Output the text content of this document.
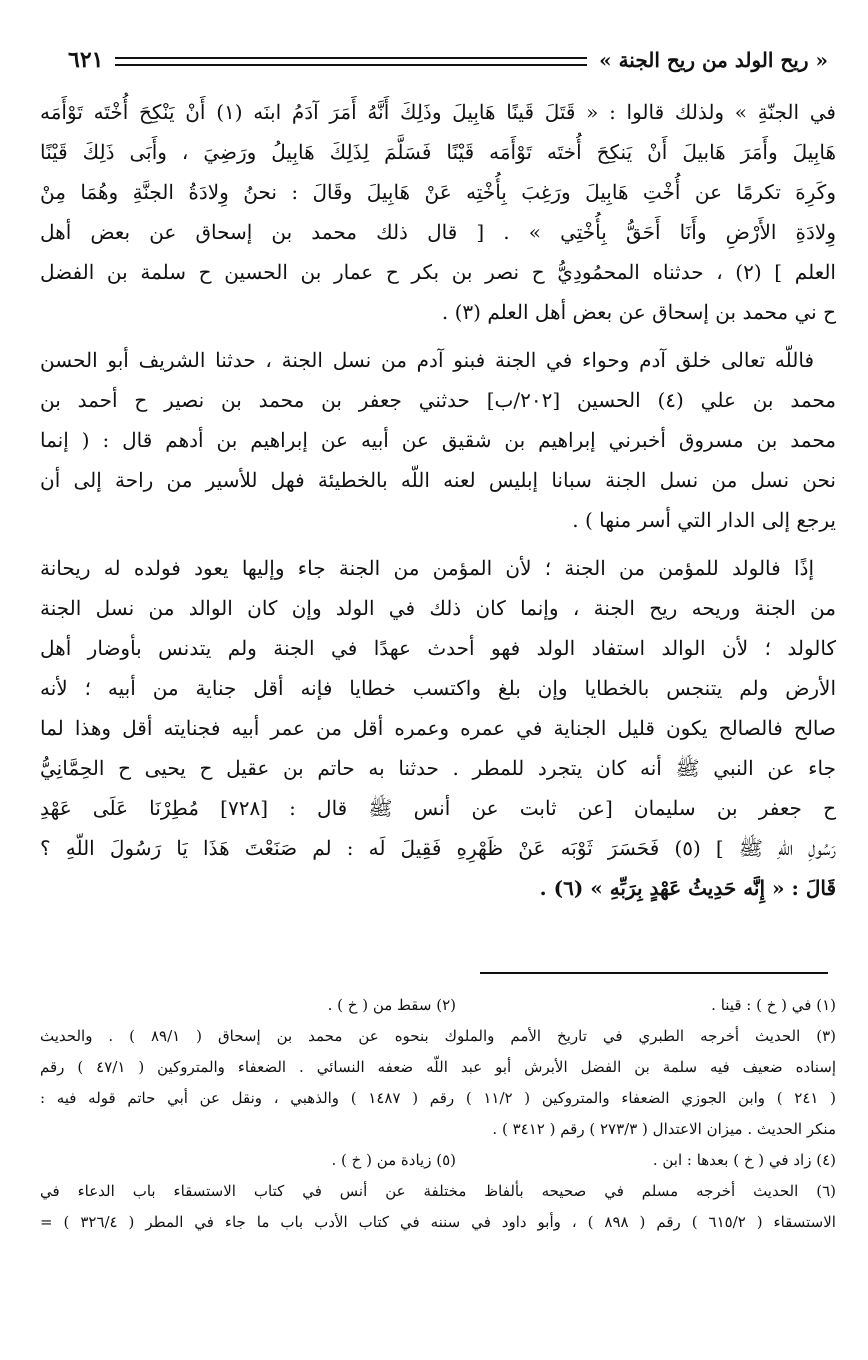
« ريح الولد من ريح الجنة »
٦٢١
في الجنّةِ » ولذلك قالوا : « قَتَلَ قَينًا هَابِيلَ وذَلِكَ أَنَّهُ أَمَرَ آدَمُ ابنَه (١) أَنْ يَنْكِحَ أُخْتَه تَوْأَمَه
هَابِيلَ وأَمَرَ هَابيلَ أَنْ يَنكِحَ أُختَه تَوْأَمَه قَيْنًا فَسَلَّمَ لِذَلِكَ هَابِيلُ ورَضِيَ ، وأَبَى ذَلِكَ قَيْنًا
وكَرِهَ تكرمًا عن أُخْتِ هَابِيلَ ورَغِبَ بِأُخْتِه عَنْ هَابِيلَ وقَالَ : نحنُ وِلادَةُ الجنَّةِ وهُمَا مِنْ
وِلادَةِ الأَرْضِ وأَنَا أَحَقُّ بِأُخْتِي » . [ قال ذلك محمد بن إسحاق عن بعض أهل
العلم ] (٢) ، حدثناه المحمُودِيُّ ح نصر بن بكر ح عمار بن الحسين ح سلمة بن الفضل
ح ني محمد بن إسحاق عن بعض أهل العلم (٣) .
فاللّه تعالى خلق آدم وحواء في الجنة فبنو آدم من نسل الجنة ، حدثنا الشريف أبو الحسن
محمد بن علي (٤) الحسين [٢٠٢/ب] حدثني جعفر بن محمد بن نصير ح أحمد بن
محمد بن مسروق أخبرني إبراهيم بن شقيق عن أبيه عن إبراهيم بن أدهم قال : ( إنما
نحن نسل من نسل الجنة سبانا إبليس لعنه اللّه بالخطيئة فهل للأسير من راحة إلى أن
يرجع إلى الدار التي أسر منها ) .
إذًا فالولد للمؤمن من الجنة ؛ لأن المؤمن من الجنة جاء وإليها يعود فولده له ريحانة
من الجنة وريحه ريح الجنة ، وإنما كان ذلك في الولد وإن كان الوالد من نسل الجنة
كالولد ؛ لأن الوالد استفاد الولد فهو أحدث عهدًا في الجنة ولم يتدنس بأوضار أهل
الأرض ولم يتنجس بالخطايا وإن بلغ واكتسب خطايا فإنه أقل جناية من أبيه ؛ لأنه
صالح فالصالح يكون قليل الجناية في عمره وعمره أقل من عمر أبيه فجنايته أقل وهذا لما
جاء عن النبي ﷺ أنه كان يتجرد للمطر . حدثنا به حاتم بن عقيل ح يحيى ح الحِمَّانِيُّ
ح جعفر بن سليمان [عن ثابت عن أنس ﷺ قال : [٧٢٨] مُطِرْنَا عَلَى عَهْدِ
رَسُولِ اللّهِ ﷺ ] (٥) فَحَسَرَ ثَوْبَه عَنْ ظَهْرِهِ فَقِيلَ لَه : لم صَنَعْتَ هَذَا يَا رَسُولَ اللّهِ ؟
قَالَ : « إِنَّه حَدِيثُ عَهْدٍ بِرَبِّهِ » (٦) .
(١) في ( خ ) : قينا .
(٢) سقط من ( خ ) .
(٣) الحديث أخرجه الطبري في تاريخ الأمم والملوك بنحوه عن محمد بن إسحاق ( ٨٩/١ ) . والحديث
إسناده ضعيف فيه سلمة بن الفضل الأبرش أبو عبد اللّه ضعفه النسائي . الضعفاء والمتروكين ( ٤٧/١ ) رقم
( ٢٤١ ) وابن الجوزي الضعفاء والمتروكين ( ١١/٢ ) رقم ( ١٤٨٧ ) والذهبي ، ونقل عن أبي حاتم قوله فيه :
منكر الحديث . ميزان الاعتدال ( ٢٧٣/٣ ) رقم ( ٣٤١٢ ) .
(٤) زاد في ( خ ) بعدها : ابن .
(٥) زيادة من ( خ ) .
(٦) الحديث أخرجه مسلم في صحيحه بألفاظ مختلفة عن أنس في كتاب الاستسقاء باب الدعاء في
الاستسقاء ( ٦١٥/٢ ) رقم ( ٨٩٨ ) ، وأبو داود في سننه في كتاب الأدب باب ما جاء في المطر ( ٣٢٦/٤ ) =
